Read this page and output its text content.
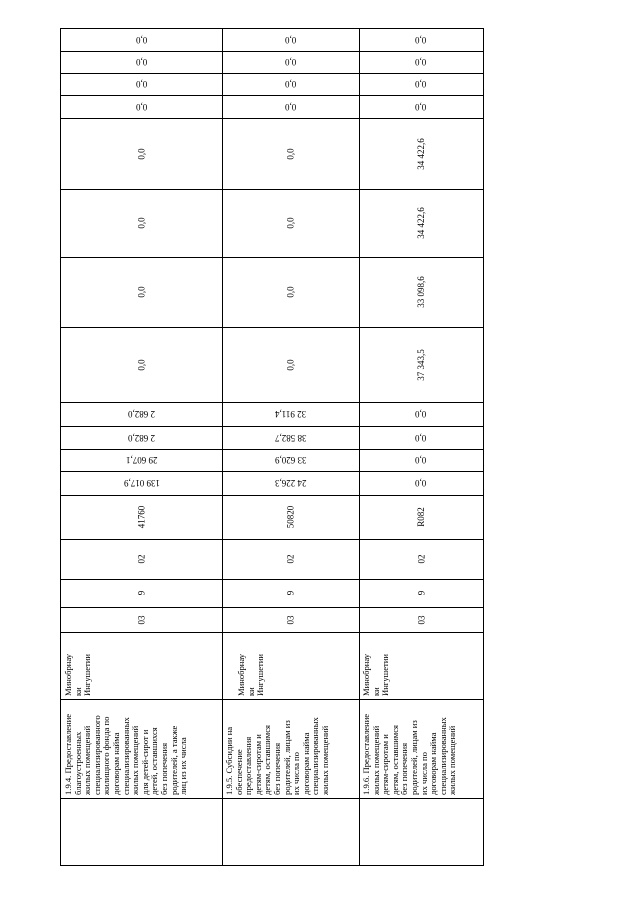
0,0
0,0
0,0
0,0
0,0
0,0
0,0
0,0
2 682,0
2 682,0
29 607,1
139 017,9
41760
02
9
03
Минобрнау
ки
Ингушетии
1.9.4. Предоставление
благоустроенных
жилых помещений
специализированного
жилищного фонда по
договорам найма
специализированных
жилых помещений
для детей-сирот и
детей, оставшихся
без попечения
родителей, а также
лиц из их числа
0,0
0,0
0,0
0,0
0,0
0,0
0,0
0,0
32 911,4
38 582,7
33 620,9
24 226,3
50820
02
9
03
Минобрнау
ки
Ингушетии
1.9.5. Субсидии на
обеспечение
предоставления
детям-сиротам и
детям, оставшимся
без попечения
родителей, лицам из
их числа по
договорам найма
специализированных
жилых помещений
0,0
0,0
0,0
0,0
34 422,6
34 422,6
33 098,6
37 343,5
0,0
0,0
0,0
0,0
R082
02
9
03
Минобрнау
ки
Ингушетии
1.9.6. Предоставление
жилых помещений
детям-сиротам и
детям, оставшимся
без попечения
родителей, лицам из
их числа по
договорам найма
специализированных
жилых помещений
